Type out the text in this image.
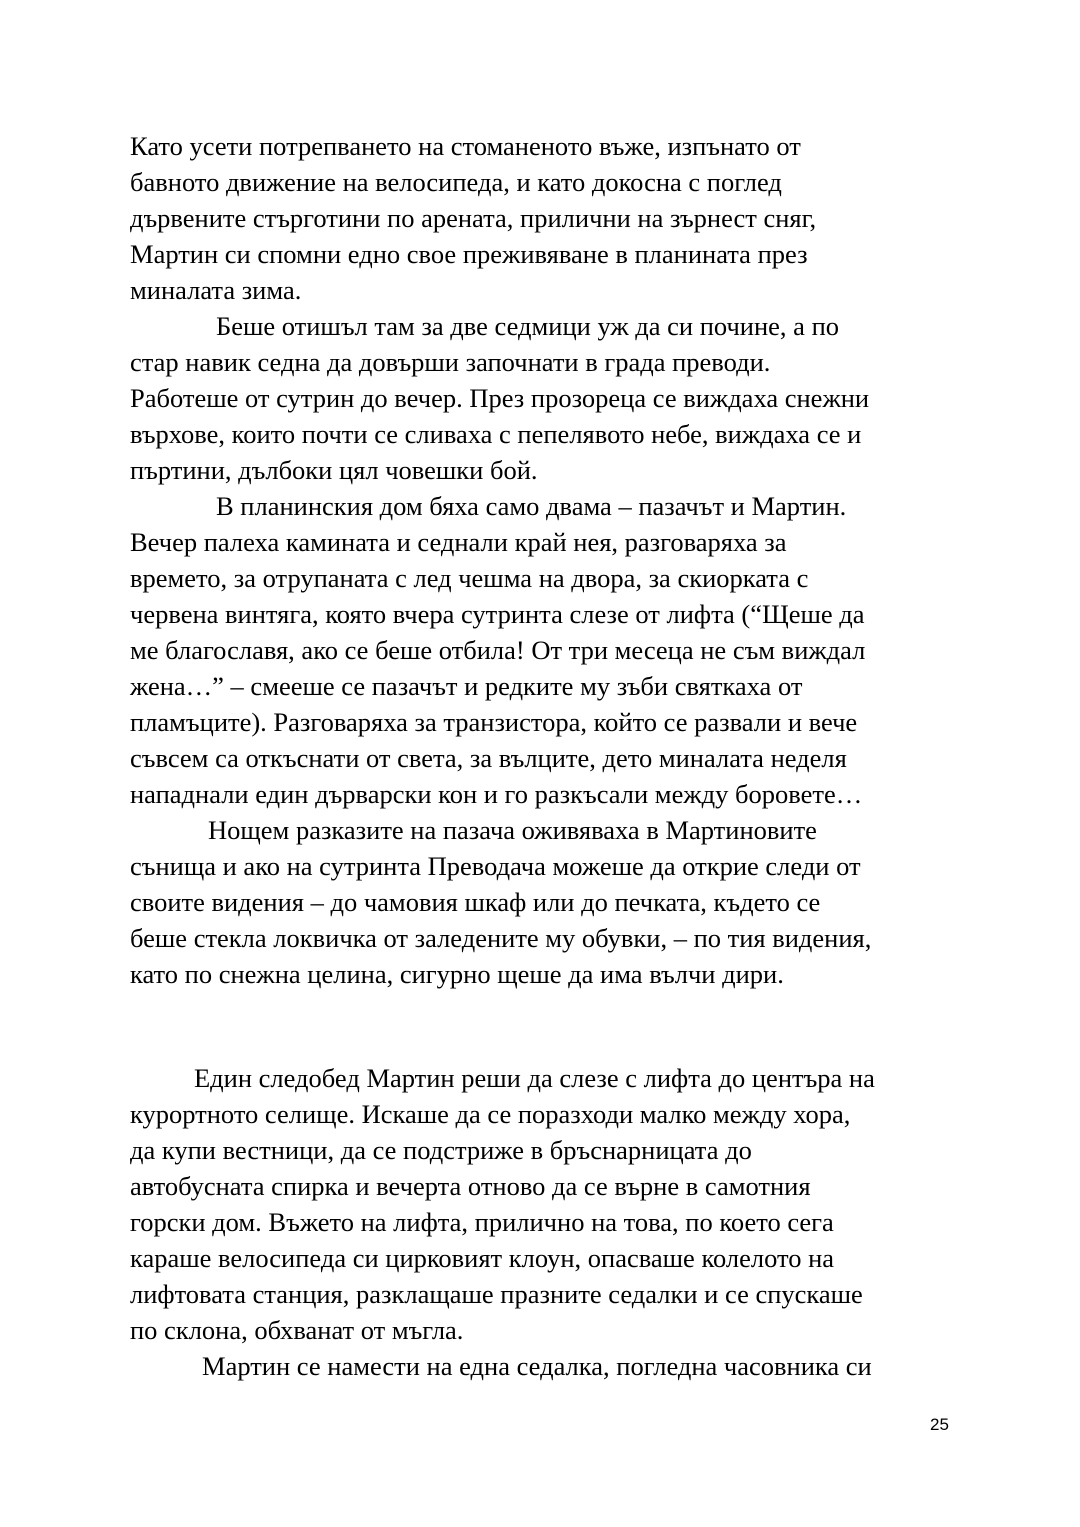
Като усети потрепването на стоманеното въже, изпънато от
бавното движение на велосипеда, и като докосна с поглед
дървените стърготини по арената, прилични на зърнест сняг,
Мартин си спомни едно свое преживяване в планината през
миналата зима.
Беше отишъл там за две седмици уж да си почине, а по
стар навик седна да довърши започнати в града преводи.
Работеше от сутрин до вечер. През прозореца се виждаха снежни
върхове, които почти се сливаха с пепелявото небе, виждаха се и
пъртини, дълбоки цял човешки бой.
В планинския дом бяха само двама – пазачът и Мартин.
Вечер палеха камината и седнали край нея, разговаряха за
времето, за отрупаната с лед чешма на двора, за скиорката с
червена винтяга, която вчера сутринта слезе от лифта (“Щеше да
ме благославя, ако се беше отбила! От три месеца не съм виждал
жена…” – смееше се пазачът и редките му зъби святкаха от
пламъците). Разговаряха за транзистора, който се развали и вече
съвсем са откъснати от света, за вълците, дето миналата неделя
нападнали един дърварски кон и го разкъсали между боровете…
Нощем разказите на пазача оживяваха в Мартиновите
сънища и ако на сутринта Преводача можеше да открие следи от
своите видения – до чамовия шкаф или до печката, където се
беше стекла локвичка от заледените му обувки, – по тия видения,
като по снежна целина, сигурно щеше да има вълчи дири.
Един следобед Мартин реши да слезе с лифта до центъра на
курортното селище. Искаше да се поразходи малко между хора,
да купи вестници, да се подстриже в бръснарницата до
автобусната спирка и вечерта отново да се върне в самотния
горски дом. Въжето на лифта, прилично на това, по което сега
караше велосипеда си цирковият клоун, опасваше колелото на
лифтовата станция, разклащаше празните седалки и се спускаше
по склона, обхванат от мъгла.
Мартин се намести на една седалка, погледна часовника си
25
